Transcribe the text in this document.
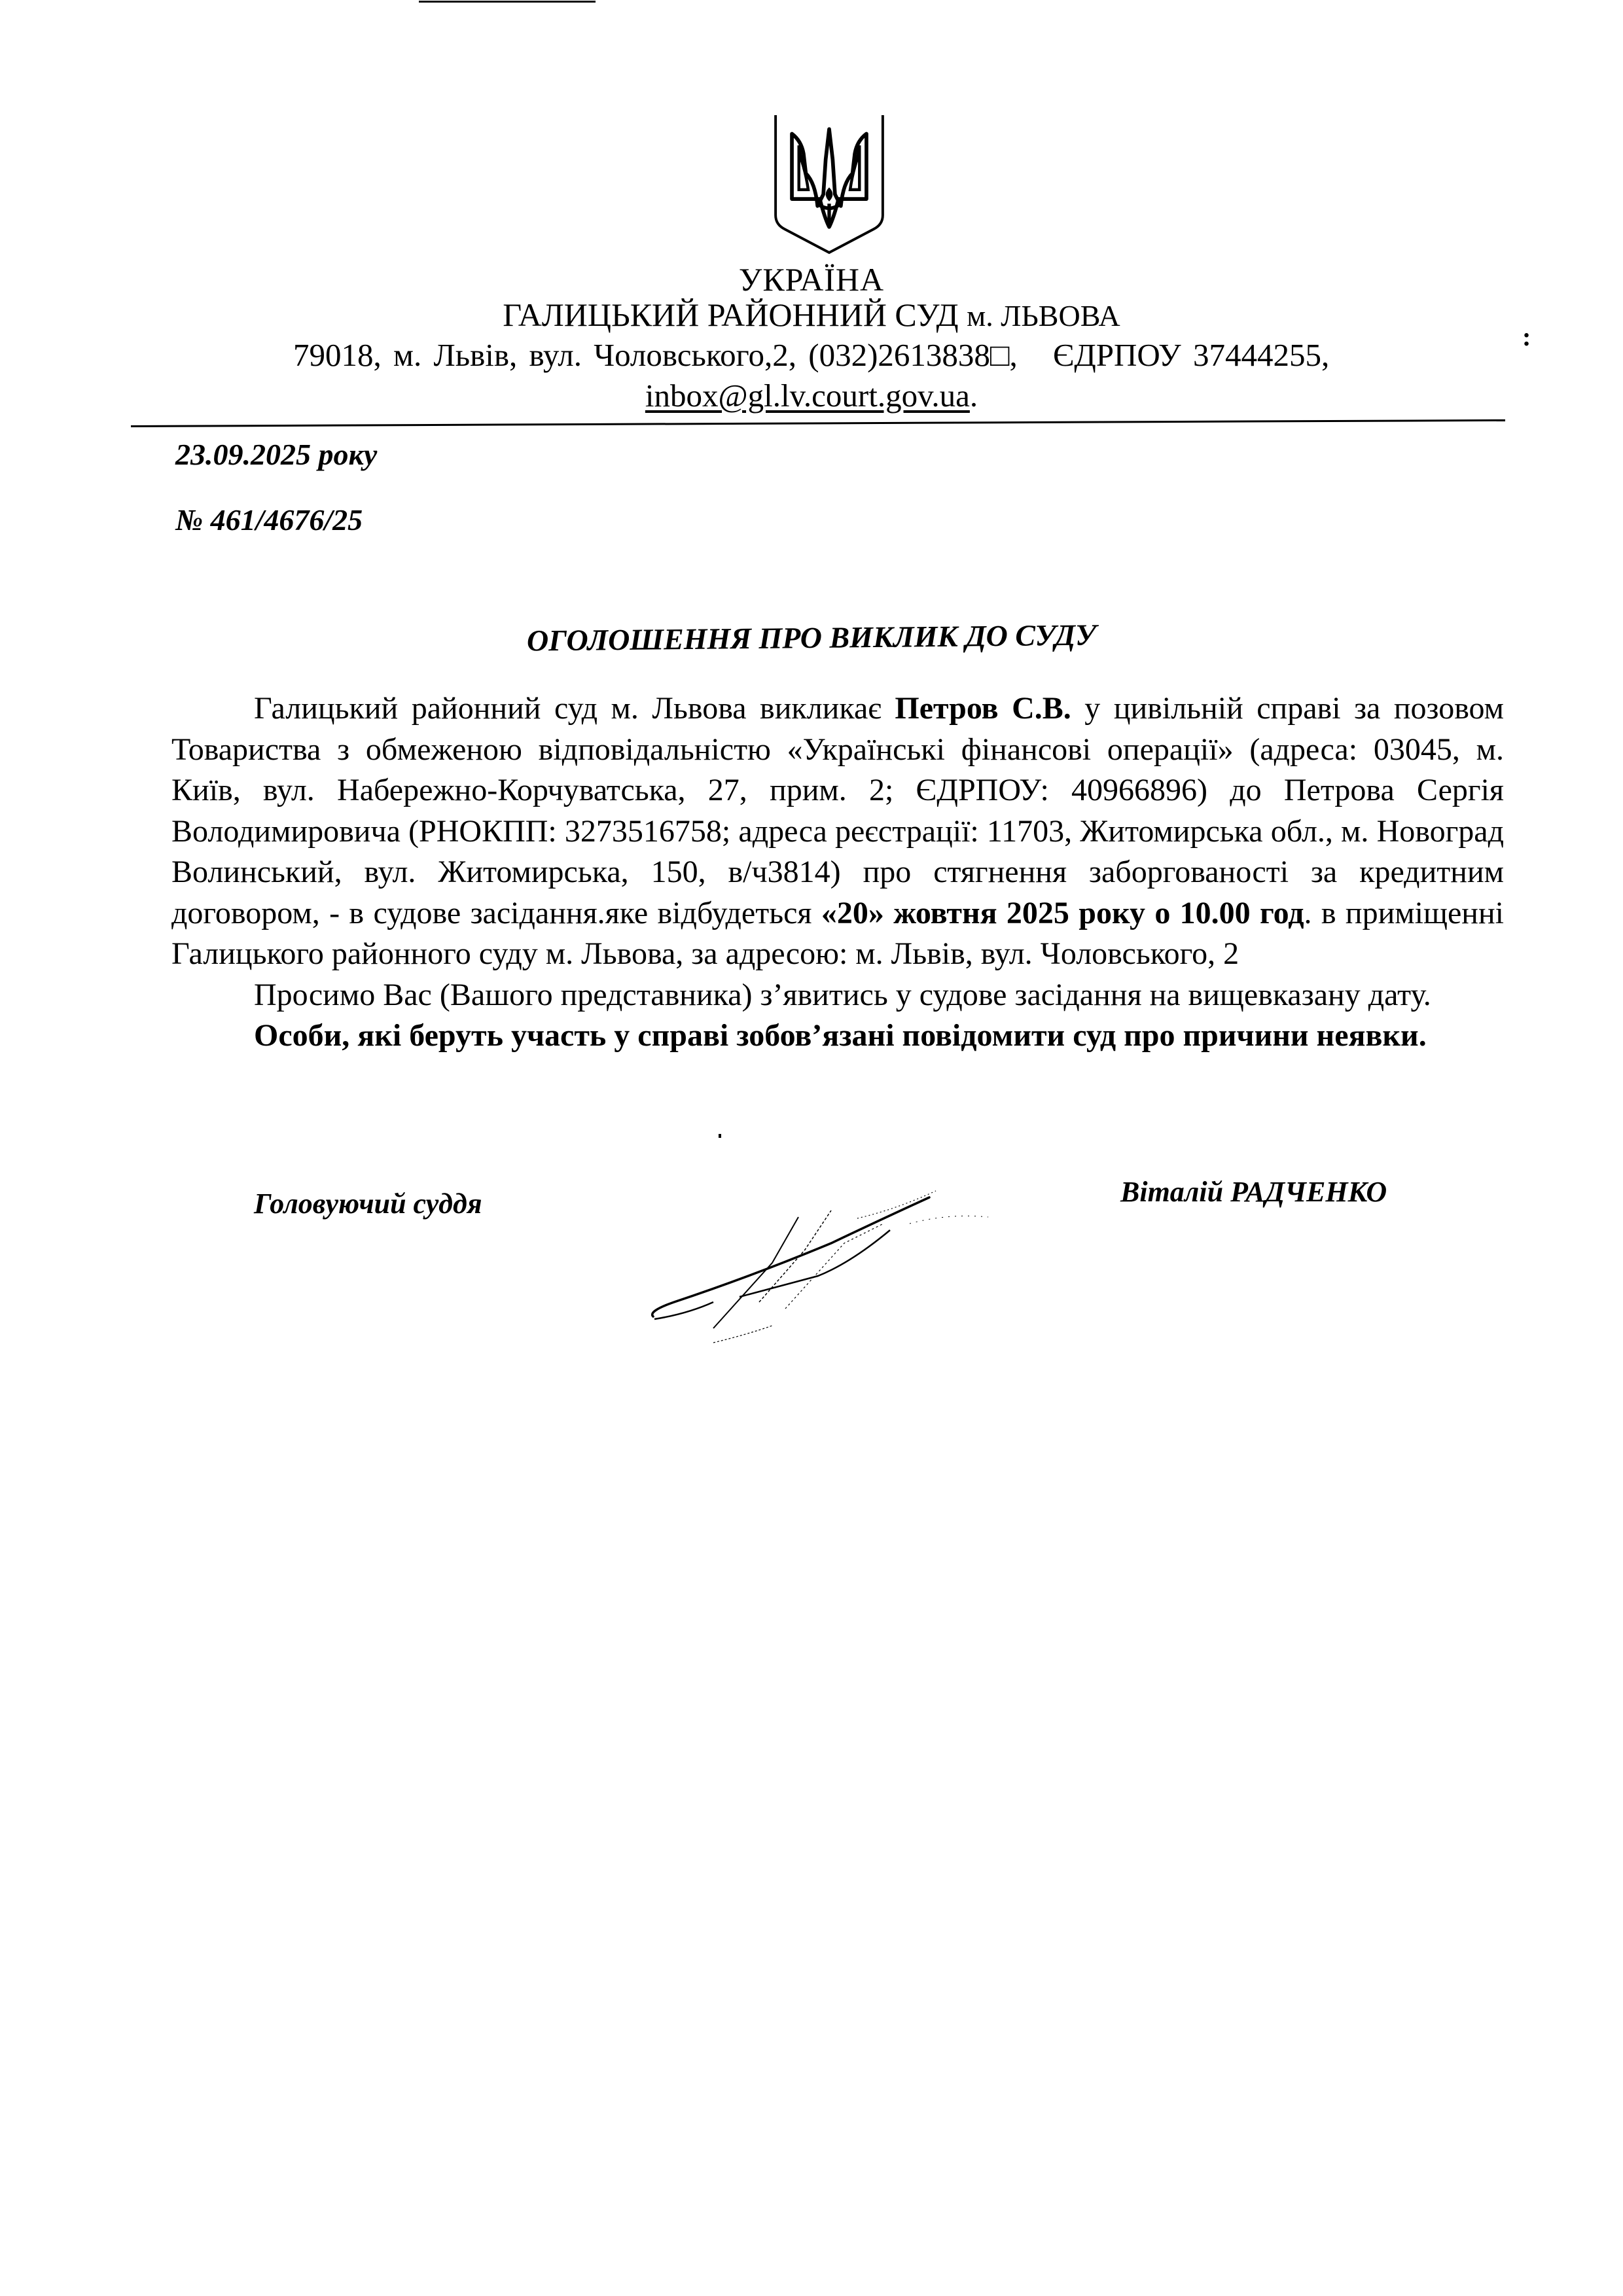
УКРАЇНА
ГАЛИЦЬКИЙ РАЙОННИЙ СУД м. ЛЬВОВА
79018, м. Львів, вул. Чоловського,2, (032)2613838□, ЄДРПОУ 37444255,
inbox@gl.lv.court.gov.ua.
:
23.09.2025 року
№ 461/4676/25
ОГОЛОШЕННЯ ПРО ВИКЛИК ДО СУДУ

Галицький районний суд м. Львова викликає Петров С.В. у цивільній справі за позовом Товариства з обмеженою відповідальністю «Українські фінансові операції» (адреса: 03045, м. Київ, вул. Набережно-Корчуватська, 27, прим. 2; ЄДРПОУ: 40966896) до Петрова Сергія Володимировича (РНОКПП: 3273516758; адреса реєстрації: 11703, Житомирська обл., м. Новоград Волинський, вул. Житомирська, 150, в/ч3814) про стягнення заборгованості за кредитним договором, - в судове засідання.яке відбудеться «20» жовтня 2025 року о 10.00 год. в приміщенні Галицького районного суду м. Львова, за адресою: м. Львів, вул. Чоловського, 2

Просимо Вас (Вашого представника) з’явитись у судове засідання на вищевказану дату.

Особи, які беруть участь у справі зобов’язані повідомити суд про причини неявки.

Головуючий суддя	Віталій РАДЧЕНКО
